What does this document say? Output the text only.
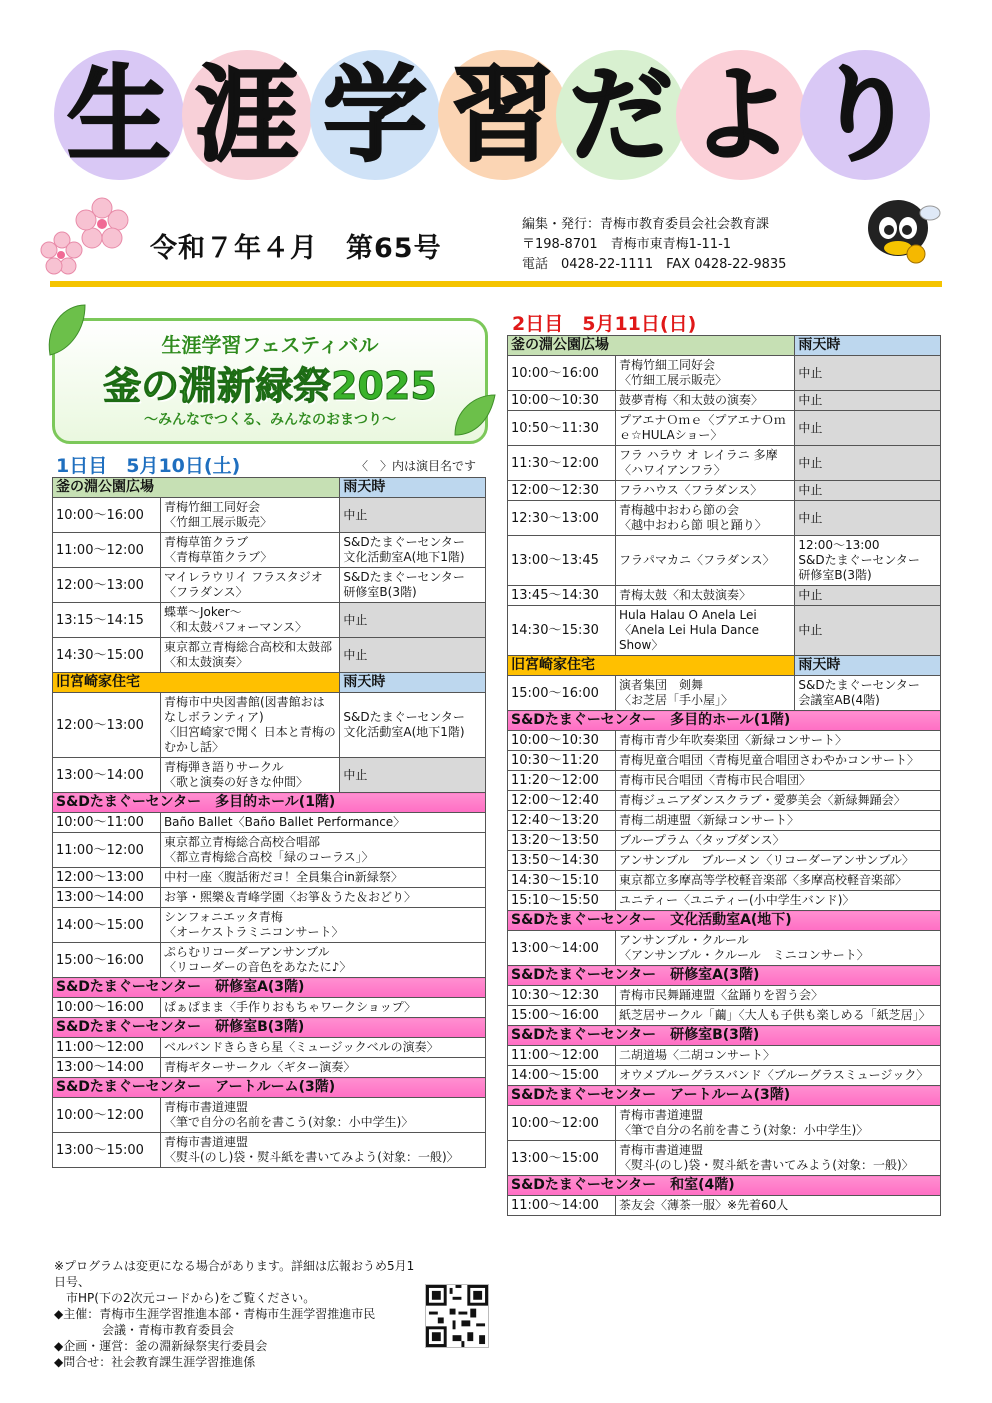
生 涯 学 習 だ よ り
令和７年４月　第65号
編集・発行：青梅市教育委員会社会教育課
〒198-8701　青梅市東青梅1-11-1
電話　0428-22-1111　FAX 0428-22-9835
生涯学習フェスティバル
釜の淵新緑祭2025
～みんなでつくる、みんなのおまつり～
1日目　5月10日(土)	〈　〉内は演目名です
釜の淵公園広場		雨天時
10:00～16:00	青梅竹細工同好会
〈竹細工展示販売〉	中止
11:00～12:00	青梅草笛クラブ
〈青梅草笛クラブ〉	S&Dたまぐーセンター
文化活動室A(地下1階)
12:00～13:00	マイレラウリイ フラスタジオ
〈フラダンス〉	S&Dたまぐーセンター
研修室B(3階)
13:15～14:15	蝶華～Joker～
〈和太鼓パフォーマンス〉	中止
14:30～15:00	東京都立青梅総合高校和太鼓部〈和太鼓演奏〉	中止
旧宮崎家住宅		雨天時
12:00～13:00	青梅市中央図書館(図書館おはなしボランティア)
〈旧宮崎家で聞く 日本と青梅のむかし話〉	S&Dたまぐーセンター
文化活動室A(地下1階)
13:00～14:00	青梅弾き語りサークル
〈歌と演奏の好きな仲間〉	中止
S&Dたまぐーセンター　多目的ホール(1階)		
10:00～11:00	Baño Ballet〈Baño Ballet Performance〉	
11:00～12:00	東京都立青梅総合高校合唱部
〈都立青梅総合高校「緑のコーラス」〉	
12:00～13:00	中村一座〈腹話術だヨ！全員集合in新緑祭〉	
13:00～14:00	お箏・煕樂＆青峰学園〈お箏＆うた＆おどり〉	
14:00～15:00	シンフォニエッタ青梅
〈オーケストラミニコンサート〉	
15:00～16:00	ぷらむリコーダーアンサンブル
〈リコーダーの音色をあなたに♪〉	
S&Dたまぐーセンター　研修室A(3階)		
10:00～16:00	ぱぁぱまま〈手作りおもちゃワークショップ〉	
S&Dたまぐーセンター　研修室B(3階)		
11:00～12:00	ベルバンドきらきら星〈ミュージックベルの演奏〉	
13:00～14:00	青梅ギターサークル〈ギター演奏〉	
S&Dたまぐーセンター　アートルーム(3階)		
10:00～12:00	青梅市書道連盟
〈筆で自分の名前を書こう(対象：小中学生)〉	
13:00～15:00	青梅市書道連盟
〈熨斗(のし)袋・熨斗紙を書いてみよう(対象：一般)〉	
2日目　5月11日(日)
釜の淵公園広場		雨天時
10:00～16:00	青梅竹細工同好会
〈竹細工展示販売〉	中止
10:00～10:30	鼓夢青梅〈和太鼓の演奏〉	中止
10:50～11:30	プアエナＯｍｅ〈プアエナＯｍｅ☆HULAショー〉	中止
11:30～12:00	フラ ハラウ オ レイラニ 多摩
〈ハワイアンフラ〉	中止
12:00～12:30	フラハウス〈フラダンス〉	中止
12:30～13:00	青梅越中おわら節の会
〈越中おわら節 唄と踊り〉	中止
13:00～13:45	フラパマカニ〈フラダンス〉	12:00～13:00
S&Dたまぐーセンター
研修室B(3階)
13:45～14:30	青梅太鼓〈和太鼓演奏〉	中止
14:30～15:30	Hula Halau O Anela Lei
〈Anela Lei Hula Dance Show〉	中止
旧宮崎家住宅		雨天時
15:00～16:00	演者集団　剣舞
〈お芝居「手小屋」〉	S&Dたまぐーセンター
会議室AB(4階)
S&Dたまぐーセンター　多目的ホール(1階)		
10:00～10:30	青梅市青少年吹奏楽団〈新緑コンサート〉	
10:30～11:20	青梅児童合唱団〈青梅児童合唱団さわやかコンサート〉	
11:20～12:00	青梅市民合唱団〈青梅市民合唱団〉	
12:00～12:40	青梅ジュニアダンスクラブ・愛夢美会〈新緑舞踊会〉	
12:40～13:20	青梅二胡連盟〈新緑コンサート〉	
13:20～13:50	ブループラム〈タップダンス〉	
13:50～14:30	アンサンブル　ブルーメン〈リコーダーアンサンブル〉	
14:30～15:10	東京都立多摩高等学校軽音楽部〈多摩高校軽音楽部〉	
15:10～15:50	ユニティー〈ユニティー(小中学生バンド)〉	
S&Dたまぐーセンター　文化活動室A(地下)		
13:00～14:00	アンサンブル・クルール
〈アンサンブル・クルール　ミニコンサート〉	
S&Dたまぐーセンター　研修室A(3階)		
10:30～12:30	青梅市民舞踊連盟〈盆踊りを習う会〉	
15:00～16:00	紙芝居サークル「繭」〈大人も子供も楽しめる「紙芝居」〉	
S&Dたまぐーセンター　研修室B(3階)		
11:00～12:00	二胡道場〈二胡コンサート〉	
14:00～15:00	オウメブルーグラスバンド〈ブルーグラスミュージック〉	
S&Dたまぐーセンター　アートルーム(3階)		
10:00～12:00	青梅市書道連盟
〈筆で自分の名前を書こう(対象：小中学生)〉	
13:00～15:00	青梅市書道連盟
〈熨斗(のし)袋・熨斗紙を書いてみよう(対象：一般)〉	
S&Dたまぐーセンター　和室(4階)		
11:00～14:00	茶友会〈薄茶一服〉※先着60人	
※プログラムは変更になる場合があります。詳細は広報おうめ5月1日号、
　市HP(下の2次元コードから)をご覧ください。
◆主催：青梅市生涯学習推進本部・青梅市生涯学習推進市民
　　　　会議・青梅市教育委員会
◆企画・運営：釜の淵新緑祭実行委員会
◆問合せ：社会教育課生涯学習推進係
